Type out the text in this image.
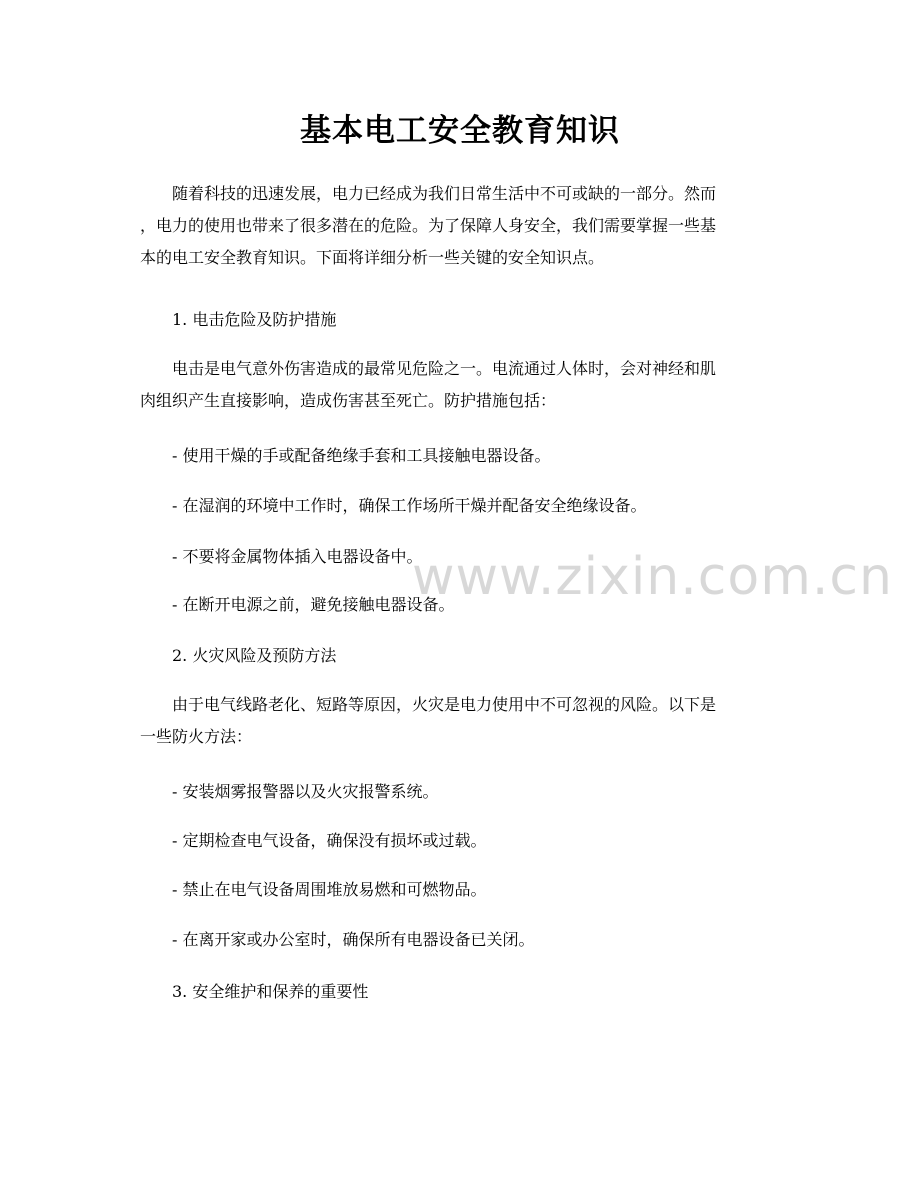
基本电工安全教育知识

随着科技的迅速发展，电力已经成为我们日常生活中不可或缺的一部分。然而

，电力的使用也带来了很多潜在的危险。为了保障人身安全，我们需要掌握一些基

本的电工安全教育知识。下面将详细分析一些关键的安全知识点。

1. 电击危险及防护措施

电击是电气意外伤害造成的最常见危险之一。电流通过人体时，会对神经和肌

肉组织产生直接影响，造成伤害甚至死亡。防护措施包括：

- 使用干燥的手或配备绝缘手套和工具接触电器设备。

- 在湿润的环境中工作时，确保工作场所干燥并配备安全绝缘设备。

- 不要将金属物体插入电器设备中。

- 在断开电源之前，避免接触电器设备。

2. 火灾风险及预防方法

由于电气线路老化、短路等原因，火灾是电力使用中不可忽视的风险。以下是

一些防火方法：

- 安装烟雾报警器以及火灾报警系统。

- 定期检查电气设备，确保没有损坏或过载。

- 禁止在电气设备周围堆放易燃和可燃物品。

- 在离开家或办公室时，确保所有电器设备已关闭。

3. 安全维护和保养的重要性

www.zixin.com.cn
